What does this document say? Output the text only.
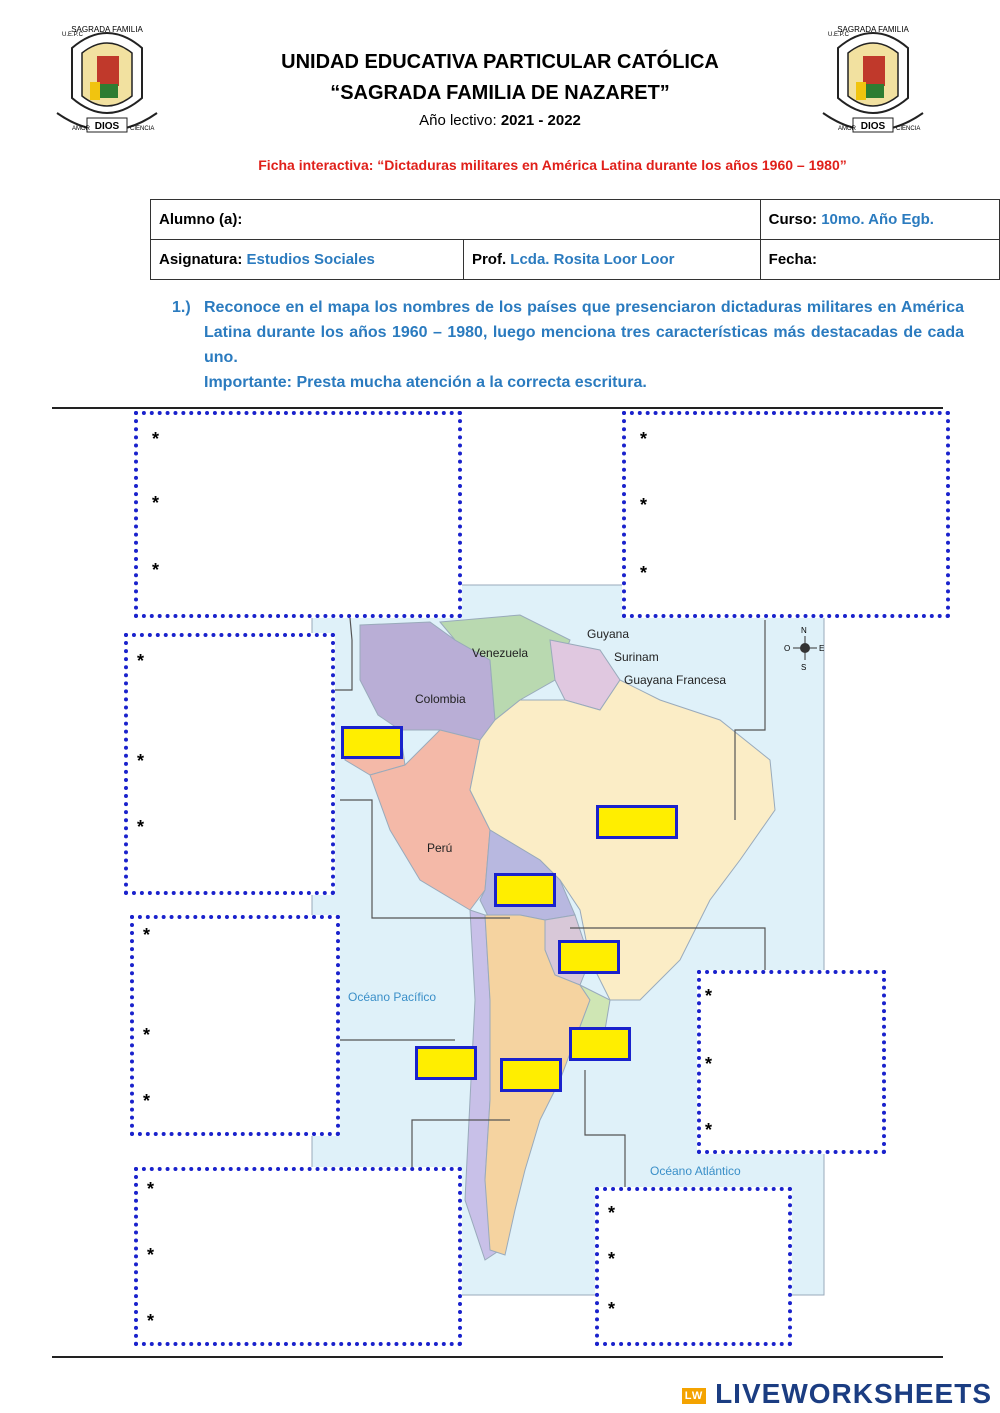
DIOS
SAGRADA FAMILIA
U.E.P.C
AMOR	CIENCIA	DIOS
SAGRADA FAMILIA
U.E.P.C
AMOR	CIENCIA
UNIDAD EDUCATIVA PARTICULAR CATÓLICA
“SAGRADA FAMILIA DE NAZARET”
Año lectivo: 2021 - 2022
Ficha interactiva: “Dictaduras militares en América Latina durante los años 1960 – 1980”
Alumno (a):		Curso: 10mo. Año Egb.
Asignatura: Estudios Sociales	Prof. Lcda. Rosita Loor Loor	Fecha:
1.) Reconoce en el mapa los nombres de los países que presenciaron dictaduras militares en América Latina durante los años 1960 – 1980, luego menciona tres características más destacadas de cada uno.
Importante: Presta mucha atención a la correcta escritura.
N
S
E
O
Venezuela
Guyana
Surinam
Guayana Francesa
Colombia
Perú
Océano Pacífico
Océano Atlántico
*
*
*
*
*
*
*
*
*
*
*
*
*
*
*
*
*
*
*
*
*
LW LIVEWORKSHEETS
